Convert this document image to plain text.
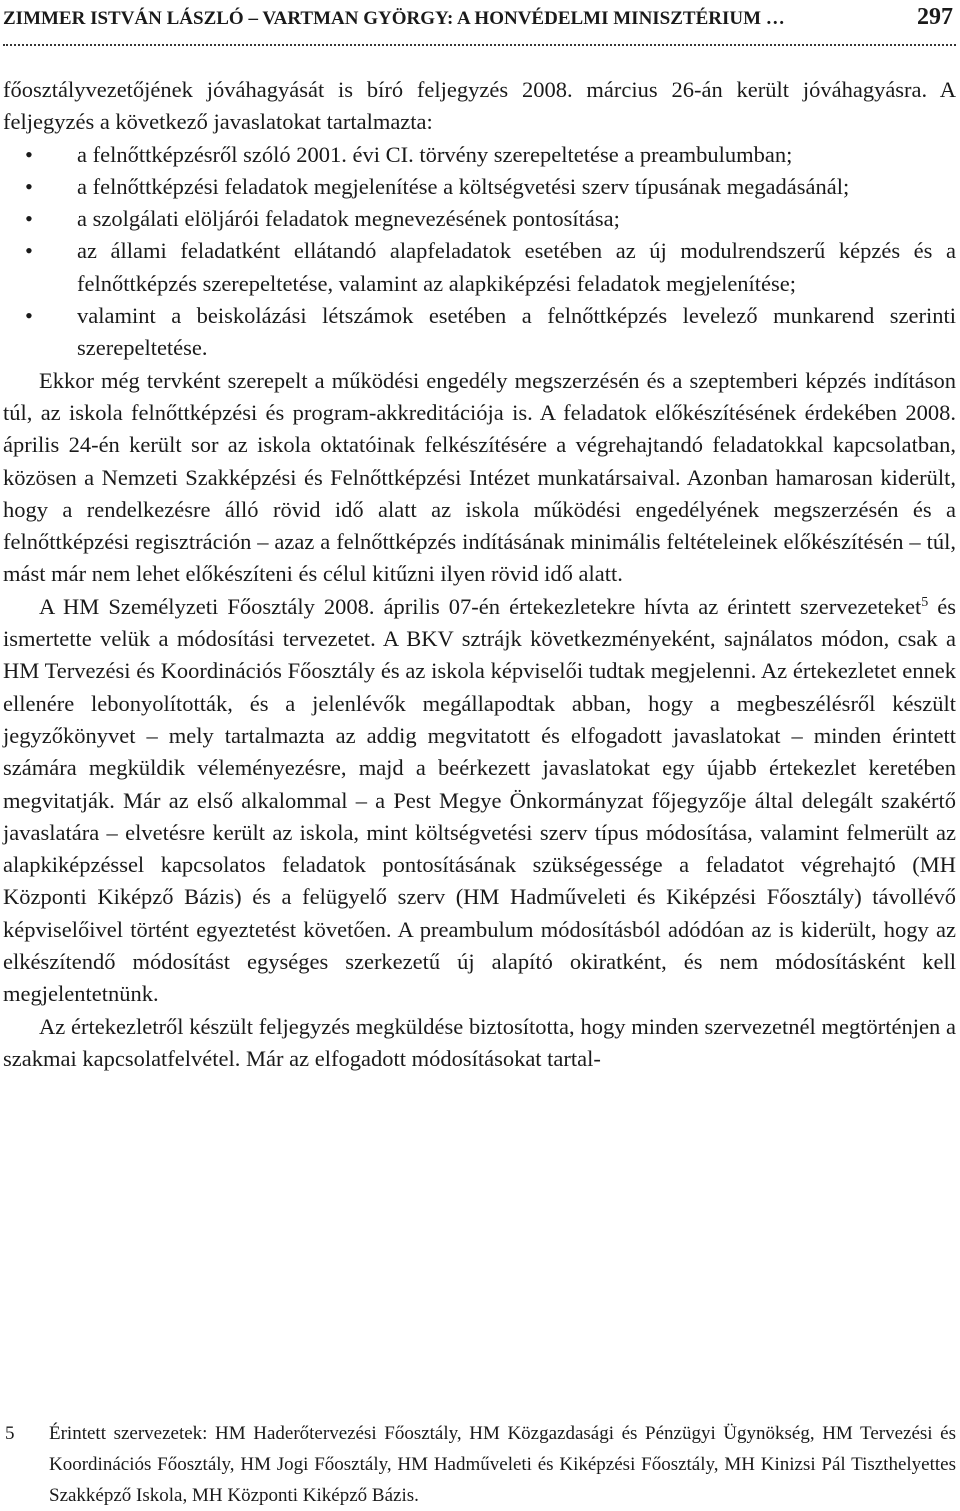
ZIMMER ISTVÁN LÁSZLÓ – VARTMAN GYÖRGY: A HONVÉDELMI MINISZTÉRIUM …	297

főosztályvezetőjének jóváhagyását is bíró feljegyzés 2008. március 26-án került jóváhagyásra. A feljegyzés a következő javaslatokat tartalmazta:

• a felnőttképzésről szóló 2001. évi CI. törvény szerepeltetése a preambulumban;
• a felnőttképzési feladatok megjelenítése a költségvetési szerv típusának megadásánál;
• a szolgálati elöljárói feladatok megnevezésének pontosítása;
• az állami feladatként ellátandó alapfeladatok esetében az új modulrendszerű képzés és a felnőttképzés szerepeltetése, valamint az alapkiképzési feladatok megjelenítése;
• valamint a beiskolázási létszámok esetében a felnőttképzés levelező munkarend szerinti szerepeltetése.

Ekkor még tervként szerepelt a működési engedély megszerzésén és a szeptemberi képzés indításon túl, az iskola felnőttképzési és program-akkreditációja is. A feladatok előkészítésének érdekében 2008. április 24-én került sor az iskola oktatóinak felkészítésére a végrehajtandó feladatokkal kapcsolatban, közösen a Nemzeti Szakképzési és Felnőttképzési Intézet munkatársaival. Azonban hamarosan kiderült, hogy a rendelkezésre álló rövid idő alatt az iskola működési engedélyének megszerzésén és a felnőttképzési regisztráción – azaz a felnőttképzés indításának minimális feltételeinek előkészítésén – túl, mást már nem lehet előkészíteni és célul kitűzni ilyen rövid idő alatt.

A HM Személyzeti Főosztály 2008. április 07-én értekezletekre hívta az érintett szervezeteket$^5$ és ismertette velük a módosítási tervezetet. A BKV sztrájk következményeként, sajnálatos módon, csak a HM Tervezési és Koordinációs Főosztály és az iskola képviselői tudtak megjelenni. Az értekezletet ennek ellenére lebonyolították, és a jelenlévők megállapodtak abban, hogy a megbeszélésről készült jegyzőkönyvet – mely tartalmazta az addig megvitatott és elfogadott javaslatokat – minden érintett számára megküldik véleményezésre, majd a beérkezett javaslatokat egy újabb értekezlet keretében megvitatják. Már az első alkalommal – a Pest Megye Önkormányzat főjegyzője által delegált szakértő javaslatára – elvetésre került az iskola, mint költségvetési szerv típus módosítása, valamint felmerült az alapkiképzéssel kapcsolatos feladatok pontosításának szükségessége a feladatot végrehajtó (MH Központi Kiképző Bázis) és a felügyelő szerv (HM Hadműveleti és Kiképzési Főosztály) távollévő képviselőivel történt egyeztetést követően. A preambulum módosításból adódóan az is kiderült, hogy az elkészítendő módosítást egységes szerkezetű új alapító okiratként, és nem módosításként kell megjelentetnünk.

Az értekezletről készült feljegyzés megküldése biztosította, hogy minden szervezetnél megtörténjen a szakmai kapcsolatfelvétel. Már az elfogadott módosításokat tartal-

5 Érintett szervezetek: HM Haderőtervezési Főosztály, HM Közgazdasági és Pénzügyi Ügynökség, HM Tervezési és Koordinációs Főosztály, HM Jogi Főosztály, HM Hadműveleti és Kiképzési Főosztály, MH Kinizsi Pál Tiszthelyettes Szakképző Iskola, MH Központi Kiképző Bázis.
